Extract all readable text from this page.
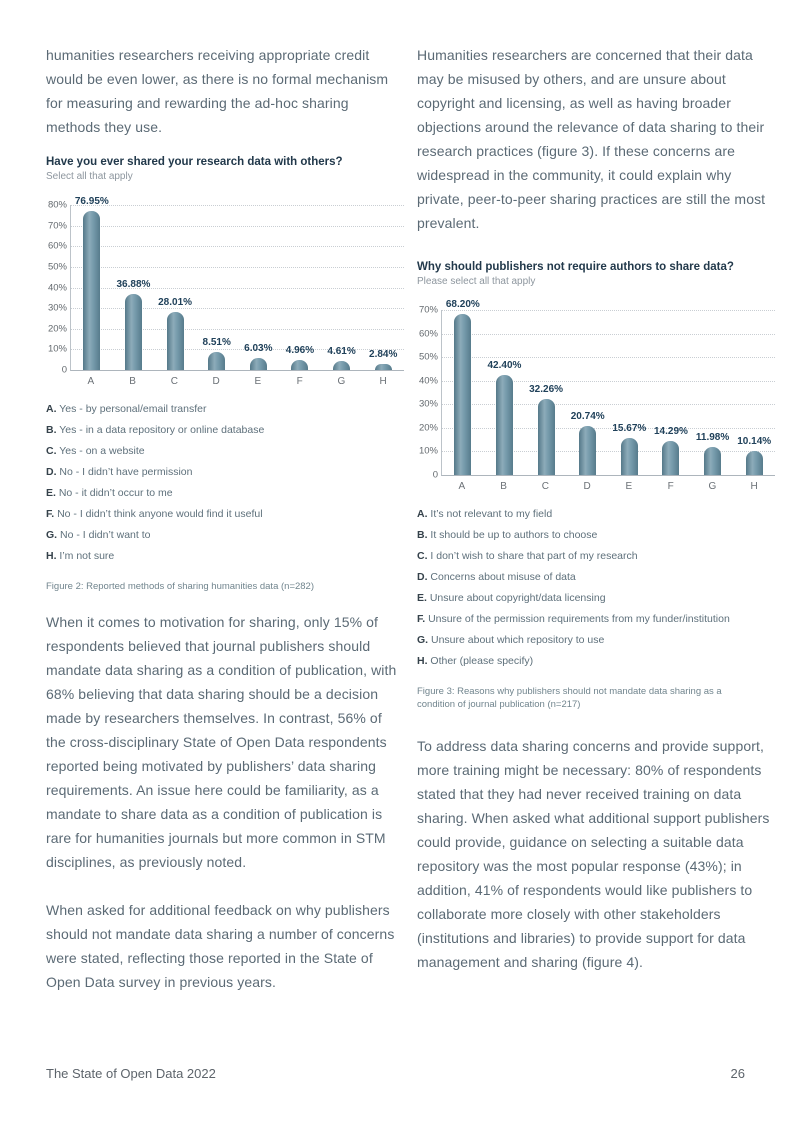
humanities researchers receiving appropriate credit would be even lower, as there is no formal mechanism for measuring and rewarding the ad-hoc sharing methods they use.

Have you ever shared your research data with others?
Select all that apply
80%
70%
60%
50%
40%
30%
20%
10%
0
76.95%
36.88%
28.01%
8.51% 6.03% 4.96% 4.61% 2.84%
A	B	C	D	E	F	G	H
A. Yes - by personal/email transfer
B. Yes - in a data repository or online database
C. Yes - on a website
D. No - I didn’t have permission
E. No - it didn’t occur to me
F. No - I didn’t think anyone would find it useful
G. No - I didn’t want to
H. I’m not sure
Figure 2: Reported methods of sharing humanities data (n=282)

When it comes to motivation for sharing, only 15% of respondents believed that journal publishers should mandate data sharing as a condition of publication, with 68% believing that data sharing should be a decision made by researchers themselves. In contrast, 56% of the cross-disciplinary State of Open Data respondents reported being motivated by publishers’ data sharing requirements. An issue here could be familiarity, as a mandate to share data as a condition of publication is rare for humanities journals but more common in STM disciplines, as previously noted.

When asked for additional feedback on why publishers should not mandate data sharing a number of concerns were stated, reflecting those reported in the State of Open Data survey in previous years.

Humanities researchers are concerned that their data may be misused by others, and are unsure about copyright and licensing, as well as having broader objections around the relevance of data sharing to their research practices (figure 3). If these concerns are widespread in the community, it could explain why private, peer-to-peer sharing practices are still the most prevalent.

Why should publishers not require authors to share data?
Please select all that apply
70%
60%
50%
40%
30%
20%
10%
0
68.20%
42.40%
32.26%
20.74%
15.67% 14.29% 11.98% 10.14%
A	B	C	D	E	F	G	H
A. It’s not relevant to my field
B. It should be up to authors to choose
C. I don’t wish to share that part of my research
D. Concerns about misuse of data
E. Unsure about copyright/data licensing
F. Unsure of the permission requirements from my funder/institution
G. Unsure about which repository to use
H. Other (please specify)
Figure 3: Reasons why publishers should not mandate data sharing as a condition of journal publication (n=217)

To address data sharing concerns and provide support, more training might be necessary: 80% of respondents stated that they had never received training on data sharing. When asked what additional support publishers could provide, guidance on selecting a suitable data repository was the most popular response (43%); in addition, 41% of respondents would like publishers to collaborate more closely with other stakeholders (institutions and libraries) to provide support for data management and sharing (figure 4).

The State of Open Data 2022	26
